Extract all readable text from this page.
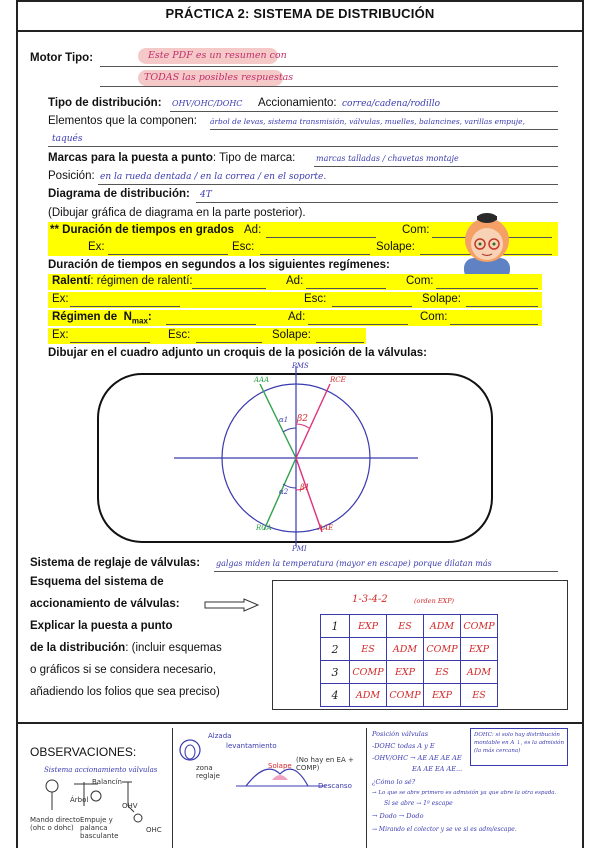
PRÁCTICA 2: SISTEMA DE DISTRIBUCIÓN
Motor Tipo:	Este PDF es un resumen con
TODAS las posibles respuestas
Tipo de distribución: OHV/OHC/DOHC Accionamiento: correa/cadena/rodillo
Elementos que la componen: árbol de levas, sistema transmisión, válvulas, muelles, balancines, varillas empuje,
taqués
Marcas para la puesta a punto: Tipo de marca:	marcas talladas / chavetas montaje
Posición: en la rueda dentada / en la correa / en el soporte.
Diagrama de distribución: 4T
(Dibujar gráfica de diagrama en la parte posterior).
** Duración de tiempos en grados Ad:	Com:
Ex:	Esc:	Solape:
Duración de tiempos en segundos a los siguientes regímenes:
Ralentí: régimen de ralentí:	Ad:	Com:
Ex:	Esc:	Solape:
Régimen de $N_{max}$:	Ad:	Com:
Ex:	Esc:	Solape:
Dibujar en el cuadro adjunto un croquis de la posición de la válvulas:
PMS
PMI
AAA	RCE
RCA	AAE
α1 β2
α2 β1
Sistema de reglaje de válvulas: galgas miden la temperatura (mayor en escape) porque dilatan más
Esquema del sistema de
accionamiento de válvulas:
Explicar la puesta a punto
de la distribución: (incluir esquemas
o gráficos si se considera necesario,
añadiendo los folios que sea preciso)
1-3-4-2	(orden EXP)
1	EXP	ES	ADM	COMP
2	ES	ADM	COMP	EXP
3	COMP	EXP	ES	ADM
4	ADM	COMP	EXP	ES
OBSERVACIONES:
Sistema accionamiento válvulas
Balancín
Árbol
OHV
Mando directo (ohc o dohc)
Empuje y palanca basculante
OHC
Alzada
levantamiento
zona reglaje
Solape
(No hay en EA + COMP)
Descanso
Posición válvulas
-DOHC todas A y E
-OHV/OHC → AE AE AE AE
EA AE EA AE...
¿Cómo lo sé?
→ Lo que se abre primero es admisión ya que abre la otra espada.
Si se abre → 1º escape
→ Dodo → Dodo
→ Mirando el colector y se ve si es adm/escape.
DOHC: si solo hay distribución montable en A ↓, es la admisión (la más cercana)
